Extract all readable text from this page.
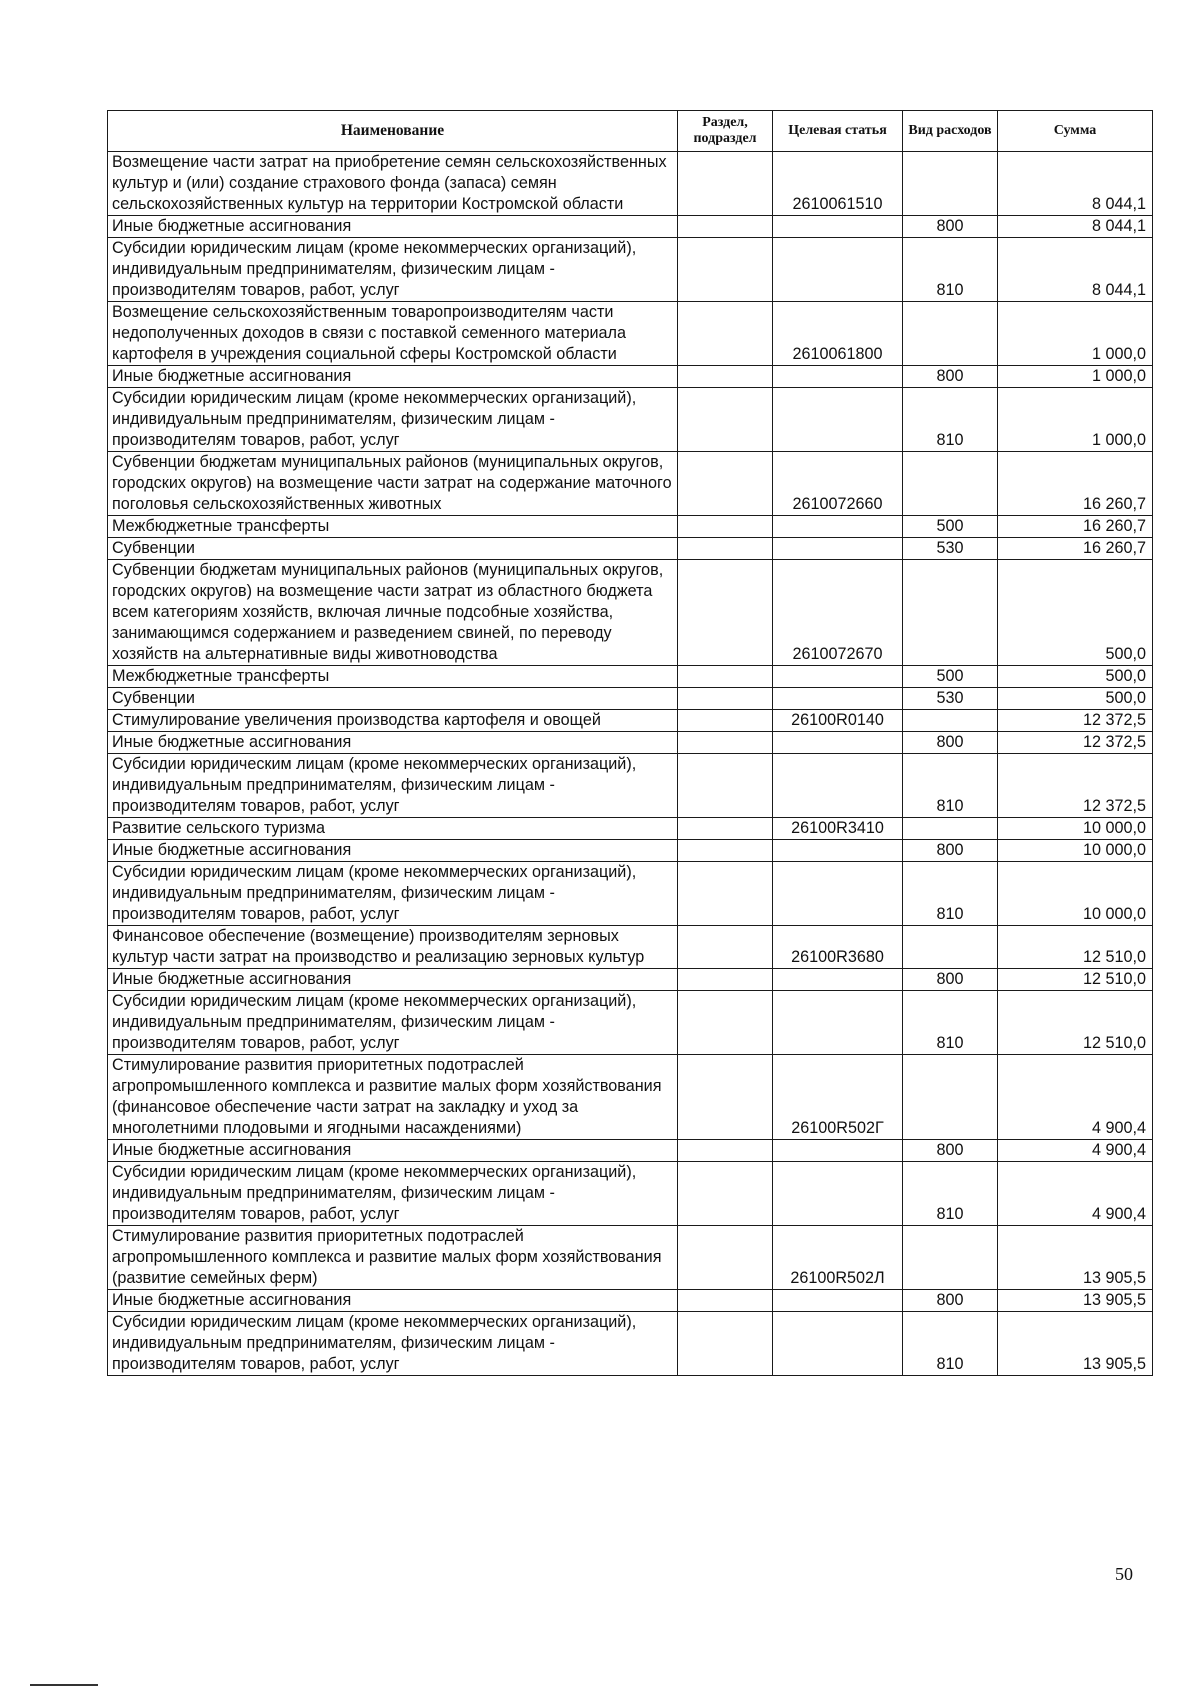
Наименование	Раздел, подраздел	Целевая статья	Вид расходов	Сумма
Возмещение части затрат на приобретение семян сельскохозяйственных культур и (или) создание страхового фонда (запаса) семян сельскохозяйственных культур на территории Костромской области		2610061510		8 044,1
Иные бюджетные ассигнования			800	8 044,1
Субсидии юридическим лицам (кроме некоммерческих организаций), индивидуальным предпринимателям, физическим лицам - производителям товаров, работ, услуг			810	8 044,1
Возмещение сельскохозяйственным товаропроизводителям части недополученных доходов в связи с поставкой семенного материала картофеля в учреждения социальной сферы Костромской области		2610061800		1 000,0
Иные бюджетные ассигнования			800	1 000,0
Субсидии юридическим лицам (кроме некоммерческих организаций), индивидуальным предпринимателям, физическим лицам - производителям товаров, работ, услуг			810	1 000,0
Субвенции бюджетам муниципальных районов (муниципальных округов, городских округов) на возмещение части затрат на содержание маточного поголовья сельскохозяйственных животных		2610072660		16 260,7
Межбюджетные трансферты			500	16 260,7
Субвенции			530	16 260,7
Субвенции бюджетам муниципальных районов (муниципальных округов, городских округов) на возмещение части затрат из областного бюджета всем категориям хозяйств, включая личные подсобные хозяйства, занимающимся содержанием и разведением свиней, по переводу хозяйств на альтернативные виды животноводства		2610072670		500,0
Межбюджетные трансферты			500	500,0
Субвенции			530	500,0
Стимулирование увеличения производства картофеля и овощей		26100R0140		12 372,5
Иные бюджетные ассигнования			800	12 372,5
Субсидии юридическим лицам (кроме некоммерческих организаций), индивидуальным предпринимателям, физическим лицам - производителям товаров, работ, услуг			810	12 372,5
Развитие сельского туризма		26100R3410		10 000,0
Иные бюджетные ассигнования			800	10 000,0
Субсидии юридическим лицам (кроме некоммерческих организаций), индивидуальным предпринимателям, физическим лицам - производителям товаров, работ, услуг			810	10 000,0
Финансовое обеспечение (возмещение) производителям зерновых культур части затрат на производство и реализацию зерновых культур		26100R3680		12 510,0
Иные бюджетные ассигнования			800	12 510,0
Субсидии юридическим лицам (кроме некоммерческих организаций), индивидуальным предпринимателям, физическим лицам - производителям товаров, работ, услуг			810	12 510,0
Стимулирование развития приоритетных подотраслей агропромышленного комплекса и развитие малых форм хозяйствования (финансовое обеспечение части затрат на закладку и уход за многолетними плодовыми и ягодными насаждениями)		26100R502Г		4 900,4
Иные бюджетные ассигнования			800	4 900,4
Субсидии юридическим лицам (кроме некоммерческих организаций), индивидуальным предпринимателям, физическим лицам - производителям товаров, работ, услуг			810	4 900,4
Стимулирование развития приоритетных подотраслей агропромышленного комплекса и развитие малых форм хозяйствования (развитие семейных ферм)		26100R502Л		13 905,5
Иные бюджетные ассигнования			800	13 905,5
Субсидии юридическим лицам (кроме некоммерческих организаций), индивидуальным предпринимателям, физическим лицам - производителям товаров, работ, услуг			810	13 905,5
50
